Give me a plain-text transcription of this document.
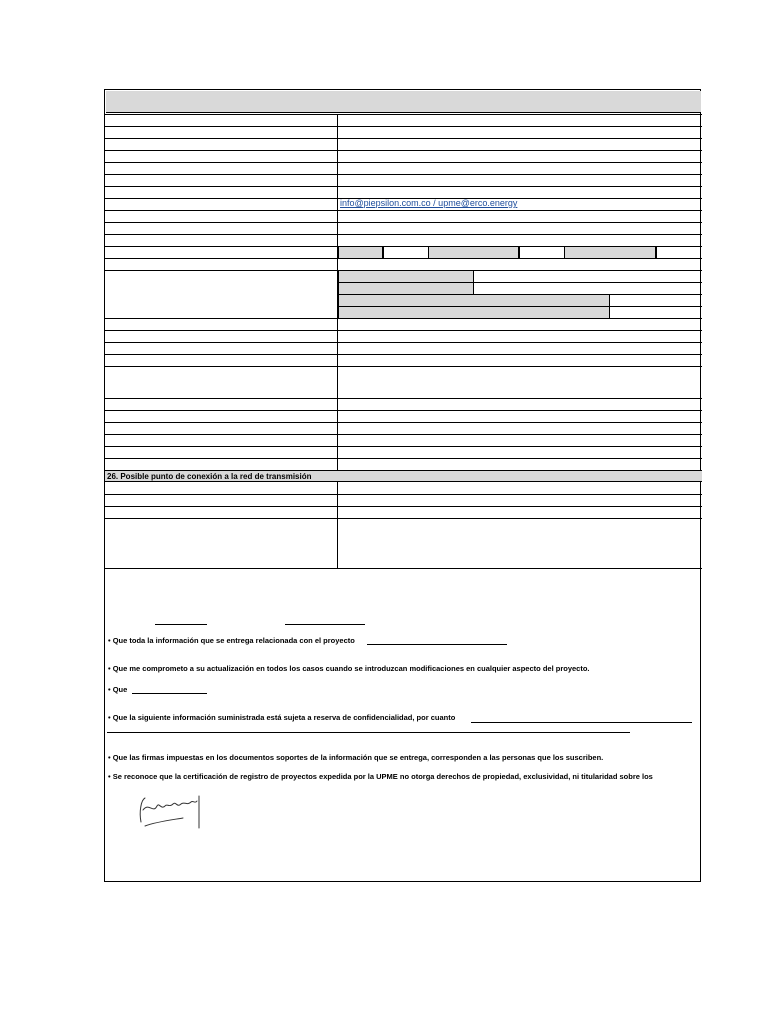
info@piepsilon.com.co / upme@erco.energy
26. Posible punto de conexión a la red de transmisión
• Que toda la información que se entrega relacionada con el proyecto
• Que me comprometo a su actualización en todos los casos cuando se introduzcan modificaciones en cualquier aspecto del proyecto.
• Que
• Que la siguiente información suministrada está sujeta a reserva de confidencialidad, por cuanto
• Que las firmas impuestas en los documentos soportes de la información que se entrega, corresponden a las personas que los suscriben.
• Se reconoce que la certificación de registro de proyectos expedida por la UPME no otorga derechos de propiedad, exclusividad, ni titularidad sobre los
